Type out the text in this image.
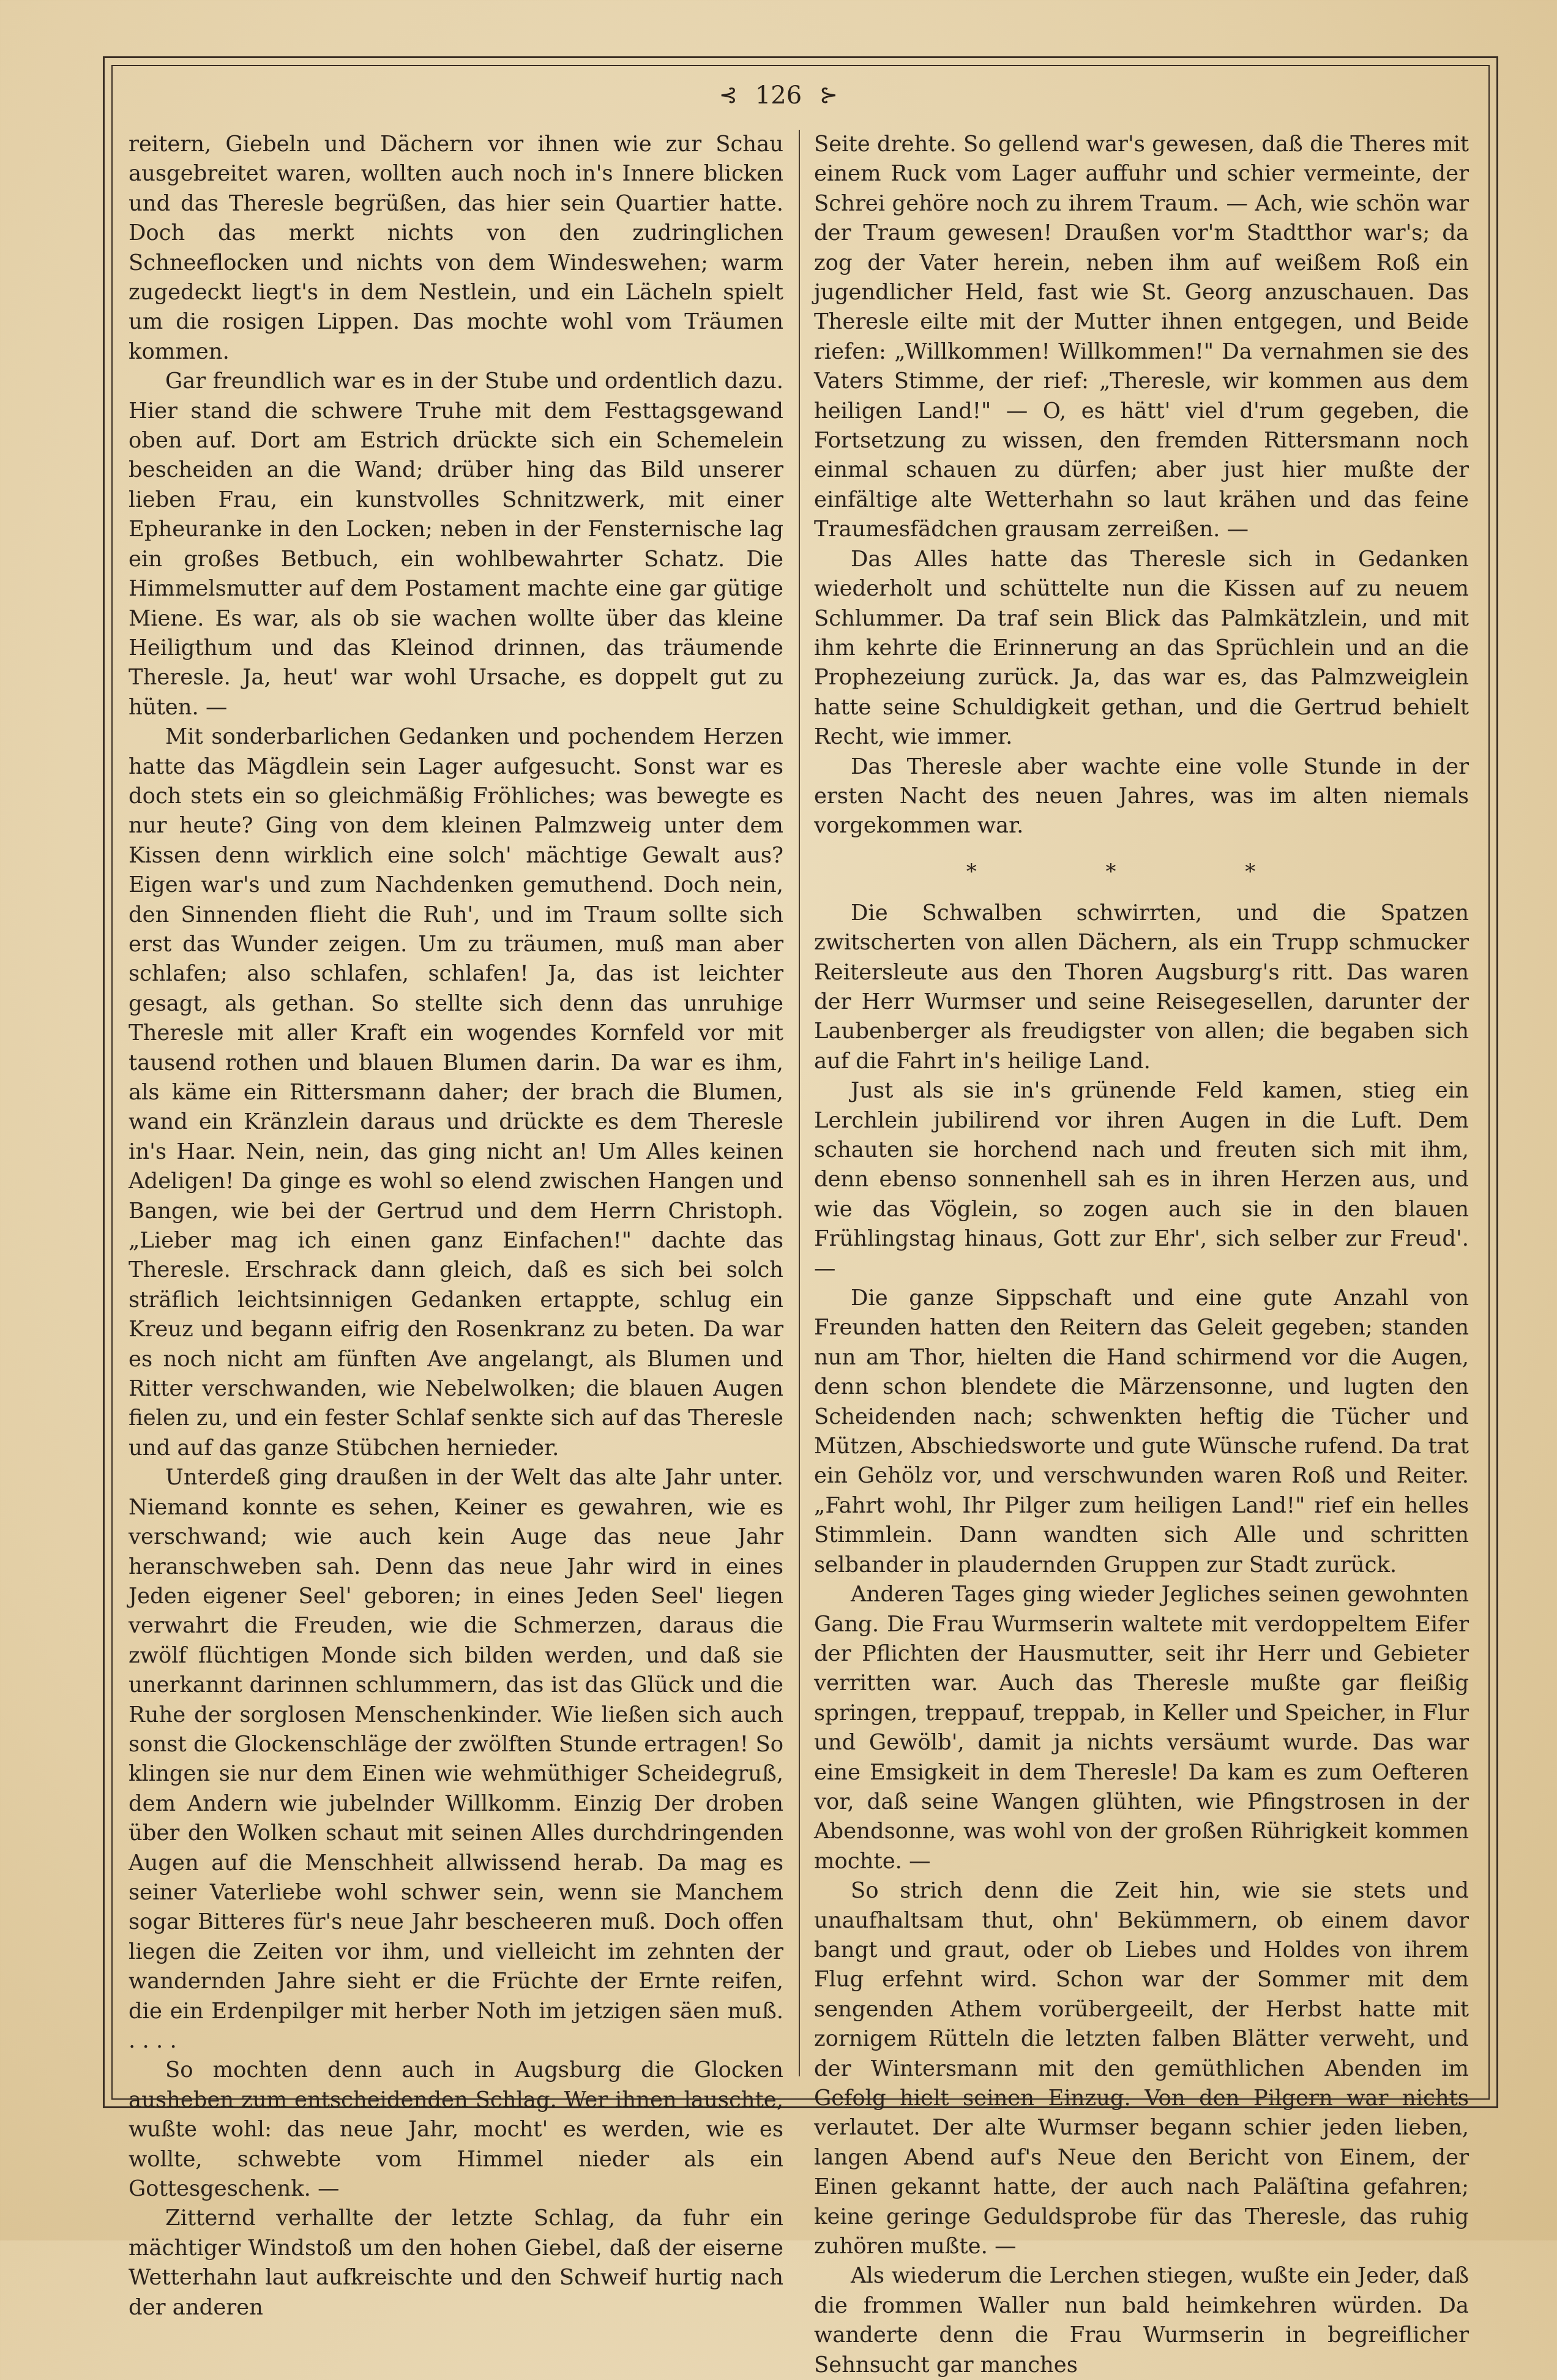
⊰ 126 ⊱

reitern, Giebeln und Dächern vor ihnen wie zur Schau ausgebreitet waren, wollten auch noch in's Innere blicken und das Theresle begrüßen, das hier sein Quartier hatte. Doch das merkt nichts von den zudringlichen Schneeflocken und nichts von dem Windeswehen; warm zugedeckt liegt's in dem Nestlein, und ein Lächeln spielt um die rosigen Lippen. Das mochte wohl vom Träumen kommen.

Gar freundlich war es in der Stube und ordentlich dazu. Hier stand die schwere Truhe mit dem Festtagsgewand oben auf. Dort am Estrich drückte sich ein Schemelein bescheiden an die Wand; drüber hing das Bild unserer lieben Frau, ein kunstvolles Schnitzwerk, mit einer Epheuranke in den Locken; neben in der Fensternische lag ein großes Betbuch, ein wohlbewahrter Schatz. Die Himmelsmutter auf dem Postament machte eine gar gütige Miene. Es war, als ob sie wachen wollte über das kleine Heiligthum und das Kleinod drinnen, das träumende Theresle. Ja, heut' war wohl Ursache, es doppelt gut zu hüten. —

Mit sonderbarlichen Gedanken und pochendem Herzen hatte das Mägdlein sein Lager aufgesucht. Sonst war es doch stets ein so gleichmäßig Fröhliches; was bewegte es nur heute? Ging von dem kleinen Palmzweig unter dem Kissen denn wirklich eine solch' mächtige Gewalt aus? Eigen war's und zum Nachdenken gemuthend. Doch nein, den Sinnenden flieht die Ruh', und im Traum sollte sich erst das Wunder zeigen. Um zu träumen, muß man aber schlafen; also schlafen, schlafen! Ja, das ist leichter gesagt, als gethan. So stellte sich denn das unruhige Theresle mit aller Kraft ein wogendes Kornfeld vor mit tausend rothen und blauen Blumen darin. Da war es ihm, als käme ein Rittersmann daher; der brach die Blumen, wand ein Kränzlein daraus und drückte es dem Theresle in's Haar. Nein, nein, das ging nicht an! Um Alles keinen Adeligen! Da ginge es wohl so elend zwischen Hangen und Bangen, wie bei der Gertrud und dem Herrn Christoph. „Lieber mag ich einen ganz Einfachen!" dachte das Theresle. Erschrack dann gleich, daß es sich bei solch sträflich leichtsinnigen Gedanken ertappte, schlug ein Kreuz und begann eifrig den Rosenkranz zu beten. Da war es noch nicht am fünften Ave angelangt, als Blumen und Ritter verschwanden, wie Nebelwolken; die blauen Augen fielen zu, und ein fester Schlaf senkte sich auf das Theresle und auf das ganze Stübchen hernieder.

Unterdeß ging draußen in der Welt das alte Jahr unter. Niemand konnte es sehen, Keiner es gewahren, wie es verschwand; wie auch kein Auge das neue Jahr heranschweben sah. Denn das neue Jahr wird in eines Jeden eigener Seel' geboren; in eines Jeden Seel' liegen verwahrt die Freuden, wie die Schmerzen, daraus die zwölf flüchtigen Monde sich bilden werden, und daß sie unerkannt darinnen schlummern, das ist das Glück und die Ruhe der sorglosen Menschenkinder. Wie ließen sich auch sonst die Glockenschläge der zwölften Stunde ertragen! So klingen sie nur dem Einen wie wehmüthiger Scheidegruß, dem Andern wie jubelnder Willkomm. Einzig Der droben über den Wolken schaut mit seinen Alles durchdringenden Augen auf die Menschheit allwissend herab. Da mag es seiner Vaterliebe wohl schwer sein, wenn sie Manchem sogar Bitteres für's neue Jahr bescheeren muß. Doch offen liegen die Zeiten vor ihm, und vielleicht im zehnten der wandernden Jahre sieht er die Früchte der Ernte reifen, die ein Erdenpilger mit herber Noth im jetzigen säen muß. . . . .

So mochten denn auch in Augsburg die Glocken ausheben zum entscheidenden Schlag. Wer ihnen lauschte, wußte wohl: das neue Jahr, mocht' es werden, wie es wollte, schwebte vom Himmel nieder als ein Gottesgeschenk. —

Zitternd verhallte der letzte Schlag, da fuhr ein mächtiger Windstoß um den hohen Giebel, daß der eiserne Wetterhahn laut aufkreischte und den Schweif hurtig nach der anderen

Seite drehte. So gellend war's gewesen, daß die Theres mit einem Ruck vom Lager auffuhr und schier vermeinte, der Schrei gehöre noch zu ihrem Traum. — Ach, wie schön war der Traum gewesen! Draußen vor'm Stadtthor war's; da zog der Vater herein, neben ihm auf weißem Roß ein jugendlicher Held, fast wie St. Georg anzuschauen. Das Theresle eilte mit der Mutter ihnen entgegen, und Beide riefen: „Willkommen! Willkommen!" Da vernahmen sie des Vaters Stimme, der rief: „Theresle, wir kommen aus dem heiligen Land!" — O, es hätt' viel d'rum gegeben, die Fortsetzung zu wissen, den fremden Rittersmann noch einmal schauen zu dürfen; aber just hier mußte der einfältige alte Wetterhahn so laut krähen und das feine Traumesfädchen grausam zerreißen. —

Das Alles hatte das Theresle sich in Gedanken wiederholt und schüttelte nun die Kissen auf zu neuem Schlummer. Da traf sein Blick das Palmkätzlein, und mit ihm kehrte die Erinnerung an das Sprüchlein und an die Prophezeiung zurück. Ja, das war es, das Palmzweiglein hatte seine Schuldigkeit gethan, und die Gertrud behielt Recht, wie immer.

Das Theresle aber wachte eine volle Stunde in der ersten Nacht des neuen Jahres, was im alten niemals vorgekommen war.

* * *

Die Schwalben schwirrten, und die Spatzen zwitscherten von allen Dächern, als ein Trupp schmucker Reitersleute aus den Thoren Augsburg's ritt. Das waren der Herr Wurmser und seine Reisegesellen, darunter der Laubenberger als freudigster von allen; die begaben sich auf die Fahrt in's heilige Land.

Just als sie in's grünende Feld kamen, stieg ein Lerchlein jubilirend vor ihren Augen in die Luft. Dem schauten sie horchend nach und freuten sich mit ihm, denn ebenso sonnenhell sah es in ihren Herzen aus, und wie das Vöglein, so zogen auch sie in den blauen Frühlingstag hinaus, Gott zur Ehr', sich selber zur Freud'. —

Die ganze Sippschaft und eine gute Anzahl von Freunden hatten den Reitern das Geleit gegeben; standen nun am Thor, hielten die Hand schirmend vor die Augen, denn schon blendete die Märzensonne, und lugten den Scheidenden nach; schwenkten heftig die Tücher und Mützen, Abschiedsworte und gute Wünsche rufend. Da trat ein Gehölz vor, und verschwunden waren Roß und Reiter. „Fahrt wohl, Ihr Pilger zum heiligen Land!" rief ein helles Stimmlein. Dann wandten sich Alle und schritten selbander in plaudernden Gruppen zur Stadt zurück.

Anderen Tages ging wieder Jegliches seinen gewohnten Gang. Die Frau Wurmserin waltete mit verdoppeltem Eifer der Pflichten der Hausmutter, seit ihr Herr und Gebieter verritten war. Auch das Theresle mußte gar fleißig springen, treppauf, treppab, in Keller und Speicher, in Flur und Gewölb', damit ja nichts versäumt wurde. Das war eine Emsigkeit in dem Theresle! Da kam es zum Oefteren vor, daß seine Wangen glühten, wie Pfingstrosen in der Abendsonne, was wohl von der großen Rührigkeit kommen mochte. —

So strich denn die Zeit hin, wie sie stets und unaufhaltsam thut, ohn' Bekümmern, ob einem davor bangt und graut, oder ob Liebes und Holdes von ihrem Flug erfehnt wird. Schon war der Sommer mit dem sengenden Athem vorübergeeilt, der Herbst hatte mit zornigem Rütteln die letzten falben Blätter verweht, und der Wintersmann mit den gemüthlichen Abenden im Gefolg hielt seinen Einzug. Von den Pilgern war nichts verlautet. Der alte Wurmser begann schier jeden lieben, langen Abend auf's Neue den Bericht von Einem, der Einen gekannt hatte, der auch nach Paläſtina gefahren; keine geringe Geduldsprobe für das Theresle, das ruhig zuhören mußte. —

Als wiederum die Lerchen stiegen, wußte ein Jeder, daß die frommen Waller nun bald heimkehren würden. Da wanderte denn die Frau Wurmserin in begreiflicher Sehnsucht gar manches
